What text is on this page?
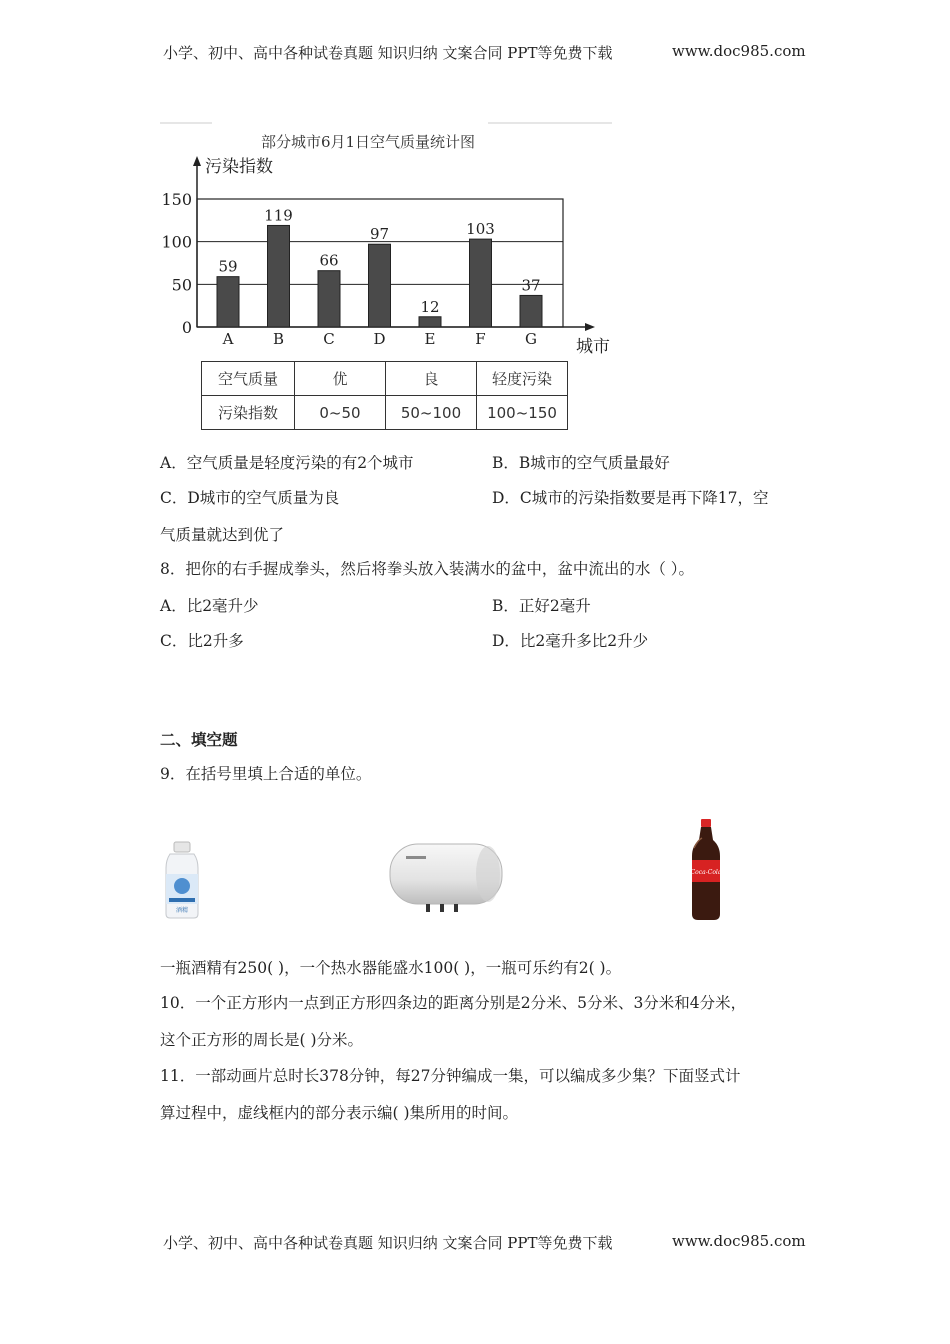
小学、初中、高中各种试卷真题 知识归纳 文案合同 PPT等免费下载	www.doc985.com
部分城市6月1日空气质量统计图
污染指数
城市
0
50
100
150
59
A
119
B
66
C
97
D
12
E
103
F
37
G
空气质量	优	良	轻度污染
污染指数	0~50	50~100	100~150
A．空气质量是轻度污染的有2个城市	B．B城市的空气质量最好
C．D城市的空气质量为良	D．C城市的污染指数要是再下降17，空
气质量就达到优了
8．把你的右手握成拳头，然后将拳头放入装满水的盆中，盆中流出的水（ ）。
A．比2毫升少	B．正好2毫升
C．比2升多	D．比2毫升多比2升少
二、填空题
9．在括号里填上合适的单位。
酒精
Coca-Cola
一瓶酒精有250( )，一个热水器能盛水100( )，一瓶可乐约有2( )。
10．一个正方形内一点到正方形四条边的距离分别是2分米、5分米、3分米和4分米，
这个正方形的周长是( )分米。
11．一部动画片总时长378分钟，每27分钟编成一集，可以编成多少集？下面竖式计
算过程中，虚线框内的部分表示编( )集所用的时间。
小学、初中、高中各种试卷真题 知识归纳 文案合同 PPT等免费下载	www.doc985.com
